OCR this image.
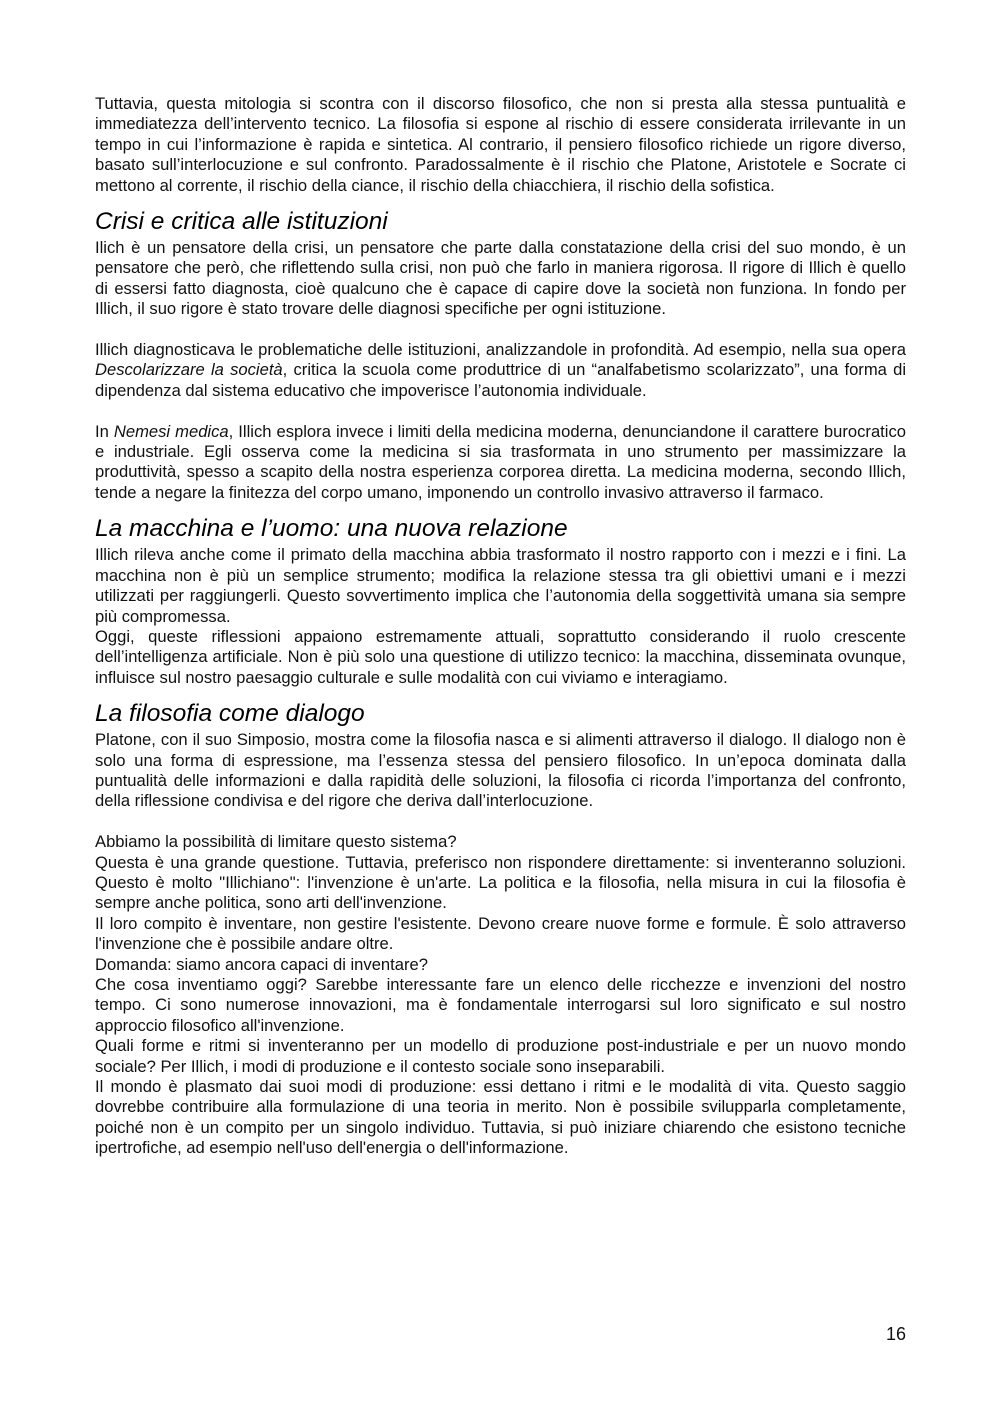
Tuttavia, questa mitologia si scontra con il discorso filosofico, che non si presta alla stessa puntualità e immediatezza dell’intervento tecnico. La filosofia si espone al rischio di essere considerata irrilevante in un tempo in cui l’informazione è rapida e sintetica. Al contrario, il pensiero filosofico richiede un rigore diverso, basato sull’interlocuzione e sul confronto. Paradossalmente è il rischio che Platone, Aristotele e Socrate ci mettono al corrente, il rischio della ciance, il rischio della chiacchiera, il rischio della sofistica.

Crisi e critica alle istituzioni

Ilich è un pensatore della crisi, un pensatore che parte dalla constatazione della crisi del suo mondo, è un pensatore che però, che riflettendo sulla crisi, non può che farlo in maniera rigorosa. Il rigore di Illich è quello di essersi fatto diagnosta, cioè qualcuno che è capace di capire dove la società non funziona. In fondo per Illich, il suo rigore è stato trovare delle diagnosi specifiche per ogni istituzione.

Illich diagnosticava le problematiche delle istituzioni, analizzandole in profondità. Ad esempio, nella sua opera Descolarizzare la società, critica la scuola come produttrice di un “analfabetismo scolarizzato”, una forma di dipendenza dal sistema educativo che impoverisce l’autonomia individuale.

In Nemesi medica, Illich esplora invece i limiti della medicina moderna, denunciandone il carattere burocratico e industriale. Egli osserva come la medicina si sia trasformata in uno strumento per massimizzare la produttività, spesso a scapito della nostra esperienza corporea diretta. La medicina moderna, secondo Illich, tende a negare la finitezza del corpo umano, imponendo un controllo invasivo attraverso il farmaco.

La macchina e l’uomo: una nuova relazione

Illich rileva anche come il primato della macchina abbia trasformato il nostro rapporto con i mezzi e i fini. La macchina non è più un semplice strumento; modifica la relazione stessa tra gli obiettivi umani e i mezzi utilizzati per raggiungerli. Questo sovvertimento implica che l’autonomia della soggettività umana sia sempre più compromessa.

Oggi, queste riflessioni appaiono estremamente attuali, soprattutto considerando il ruolo crescente dell’intelligenza artificiale. Non è più solo una questione di utilizzo tecnico: la macchina, disseminata ovunque, influisce sul nostro paesaggio culturale e sulle modalità con cui viviamo e interagiamo.

La filosofia come dialogo

Platone, con il suo Simposio, mostra come la filosofia nasca e si alimenti attraverso il dialogo. Il dialogo non è solo una forma di espressione, ma l’essenza stessa del pensiero filosofico. In un’epoca dominata dalla puntualità delle informazioni e dalla rapidità delle soluzioni, la filosofia ci ricorda l’importanza del confronto, della riflessione condivisa e del rigore che deriva dall’interlocuzione.

Abbiamo la possibilità di limitare questo sistema?

Questa è una grande questione. Tuttavia, preferisco non rispondere direttamente: si inventeranno soluzioni. Questo è molto "Illichiano": l'invenzione è un'arte. La politica e la filosofia, nella misura in cui la filosofia è sempre anche politica, sono arti dell'invenzione.

Il loro compito è inventare, non gestire l'esistente. Devono creare nuove forme e formule. È solo attraverso l'invenzione che è possibile andare oltre.

Domanda: siamo ancora capaci di inventare?

Che cosa inventiamo oggi? Sarebbe interessante fare un elenco delle ricchezze e invenzioni del nostro tempo. Ci sono numerose innovazioni, ma è fondamentale interrogarsi sul loro significato e sul nostro approccio filosofico all'invenzione.

Quali forme e ritmi si inventeranno per un modello di produzione post-industriale e per un nuovo mondo sociale? Per Illich, i modi di produzione e il contesto sociale sono inseparabili.

Il mondo è plasmato dai suoi modi di produzione: essi dettano i ritmi e le modalità di vita. Questo saggio dovrebbe contribuire alla formulazione di una teoria in merito. Non è possibile svilupparla completamente, poiché non è un compito per un singolo individuo. Tuttavia, si può iniziare chiarendo che esistono tecniche ipertrofiche, ad esempio nell'uso dell'energia o dell'informazione.

16
